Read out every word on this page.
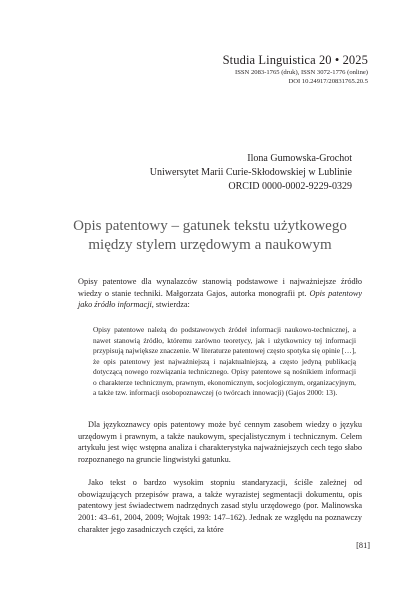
Studia Linguistica 20 • 2025
ISSN 2083-1765 (druk), ISSN 3072-1776 (online)
DOI 10.24917/20831765.20.5
Ilona Gumowska-Grochot
Uniwersytet Marii Curie-Skłodowskiej w Lublinie
ORCID 0000-0002-9229-0329
Opis patentowy – gatunek tekstu użytkowego
między stylem urzędowym a naukowym
Opisy patentowe dla wynalazców stanowią podstawowe i najważniejsze źródło wiedzy o stanie techniki. Małgorzata Gajos, autorka monografii pt. Opis patentowy jako źródło informacji, stwierdza:
Opisy patentowe należą do podstawowych źródeł informacji naukowo-technicznej, a nawet stanowią źródło, któremu zarówno teoretycy, jak i użytkownicy tej informacji przypisują największe znaczenie. W literaturze patentowej często spotyka się opinie […], że opis patentowy jest najważniejszą i najaktualniejszą, a często jedyną publikacją dotyczącą nowego rozwiązania technicznego. Opisy patentowe są nośnikiem informacji o charakterze technicznym, prawnym, ekonomicznym, socjologicznym, organizacyjnym, a także tzw. informacji osobopoznawczej (o twórcach innowacji) (Gajos 2000: 13).
Dla językoznawcy opis patentowy może być cennym zasobem wiedzy o języku urzędowym i prawnym, a także naukowym, specjalistycznym i technicznym. Celem artykułu jest więc wstępna analiza i charakterystyka najważniejszych cech tego słabo rozpoznanego na gruncie lingwistyki gatunku.
Jako tekst o bardzo wysokim stopniu standaryzacji, ściśle zależnej od obowiązujących przepisów prawa, a także wyrazistej segmentacji dokumentu, opis patentowy jest świadectwem nadrzędnych zasad stylu urzędowego (por. Malinowska 2001: 43–61, 2004, 2009; Wojtak 1993: 147–162). Jednak ze względu na poznawczy charakter jego zasadniczych części, za które
[81]
